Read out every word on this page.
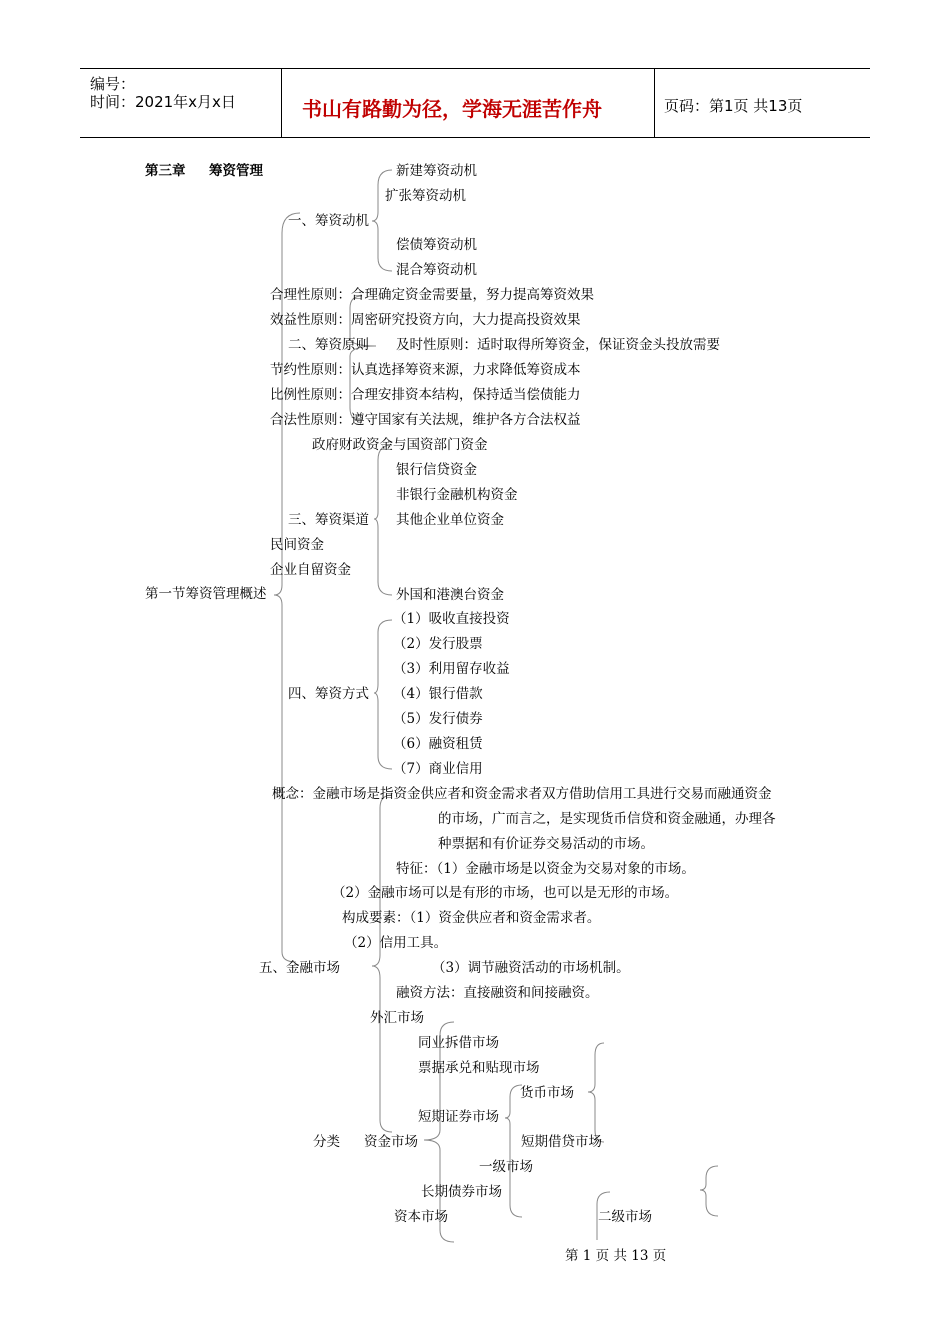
编号：
时间：2021年x月x日	书山有路勤为径，学海无涯苦作舟	页码：第1页 共13页
第三章 筹资管理
第一节筹资管理概述
一、筹资动机
新建筹资动机
扩张筹资动机
偿债筹资动机
混合筹资动机
合理性原则：合理确定资金需要量，努力提高筹资效果
效益性原则：周密研究投资方向，大力提高投资效果
二、筹资原则 及时性原则：适时取得所筹资金，保证资金头投放需要
节约性原则：认真选择筹资来源，力求降低筹资成本
比例性原则：合理安排资本结构，保持适当偿债能力
合法性原则：遵守国家有关法规，维护各方合法权益
政府财政资金与国资部门资金
银行信贷资金
非银行金融机构资金
三、筹资渠道 其他企业单位资金
民间资金
企业自留资金
外国和港澳台资金
（1）吸收直接投资
（2）发行股票
（3）利用留存收益
四、筹资方式 （4）银行借款
（5）发行债券
（6）融资租赁
（7）商业信用
概念：金融市场是指资金供应者和资金需求者双方借助信用工具进行交易而融通资金
的市场，广而言之，是实现货币信贷和资金融通，办理各
种票据和有价证券交易活动的市场。
特征：（1）金融市场是以资金为交易对象的市场。
（2）金融市场可以是有形的市场，也可以是无形的市场。
构成要素：（1）资金供应者和资金需求者。
（2）信用工具。
五、金融市场	（3）调节融资活动的市场机制。
融资方法：直接融资和间接融资。
外汇市场
同业拆借市场
票据承兑和贴现市场
货币市场
短期证券市场
分类 资金市场	短期借贷市场
一级市场
长期债券市场
资本市场	二级市场
第 1 页 共 13 页
